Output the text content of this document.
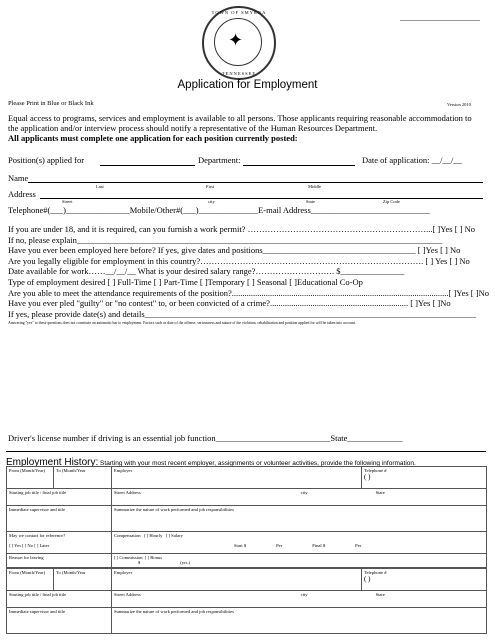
TOWN OF SMYRNA
✦
TENNESSEE
Application for Employment
Please Print in Blue or Black Ink	Version 2010
Equal access to programs, services and employment is available to all persons. Those applicants requiring reasonable accommodation to the application and/or interview process should notify a representative of the Human Resources Department.
All applicants must complete one application for each position currently posted:
Position(s) applied for	Department:	Date of application: __/__/__
Name
Last	First	Middle
Address
Street	city	State	Zip Code
Telephone#(___)_______________Mobile/Other#(___)______________E-mail Address____________________________
If you are under 18, and it is required, can you furnish a work permit? ………………………………………………………...[ ]Yes [ ] No
If no, please explain______________________________________________________________________________________
Have you ever been employed here before? If yes, give dates and positions____________________________________ [ ]Yes [ ] No
Are you legally eligible for employment in this country?……………………………………………………………………. [ ] Yes [ ] No
Date available for work……__/__/__ What is your desired salary range?………………………. $_______________
Type of employment desired [ ] Full-Time [ ] Part-Time [ ]Temporary [ ] Seasonal [ ]Educational Co-Op
Are you able to meet the attendance requirements of the position?......................................................................................................[ ]Yes [ ]No
Have you ever pled "guilty" or "no contest" to, or been convicted of a crime?................................................................. [ ]Yes [ ]No
If yes, please provide date(s) and details______________________________________________________________________________
Answering "yes" to these questions does not constitute an automatic bar to employment. Factors such as date of the offense, seriousness and nature of the violation, rehabilitation and position applied for will be taken into account.
Driver's license number if driving is an essential job function___________________________State_____________
Employment History: Starting with your most recent employer, assignments or volunteer activities, provide the following information.
From (Month/Year)	To (Month/Year	Employer	Telephone #
( )
Starting job title / final job title		Street Address city State	
Immediate supervisor and title		Summarize the nature of work performed and job responsibilities	
May we contact for reference?

[ ] Yes [ ] No [ ] Later		Compensation [ ] Hourly [ ] Salary

Start $ Per Final $ Per	
Reason for leaving		[ ] Commission [ ] Bonus
$ (yrs.)	
From (Month/Year)	To (Month/Year	Employer	Telephone #
( )
Starting job title / final job title		Street Address city State	
Immediate supervisor and title		Summarize the nature of work performed and job responsibilities	
